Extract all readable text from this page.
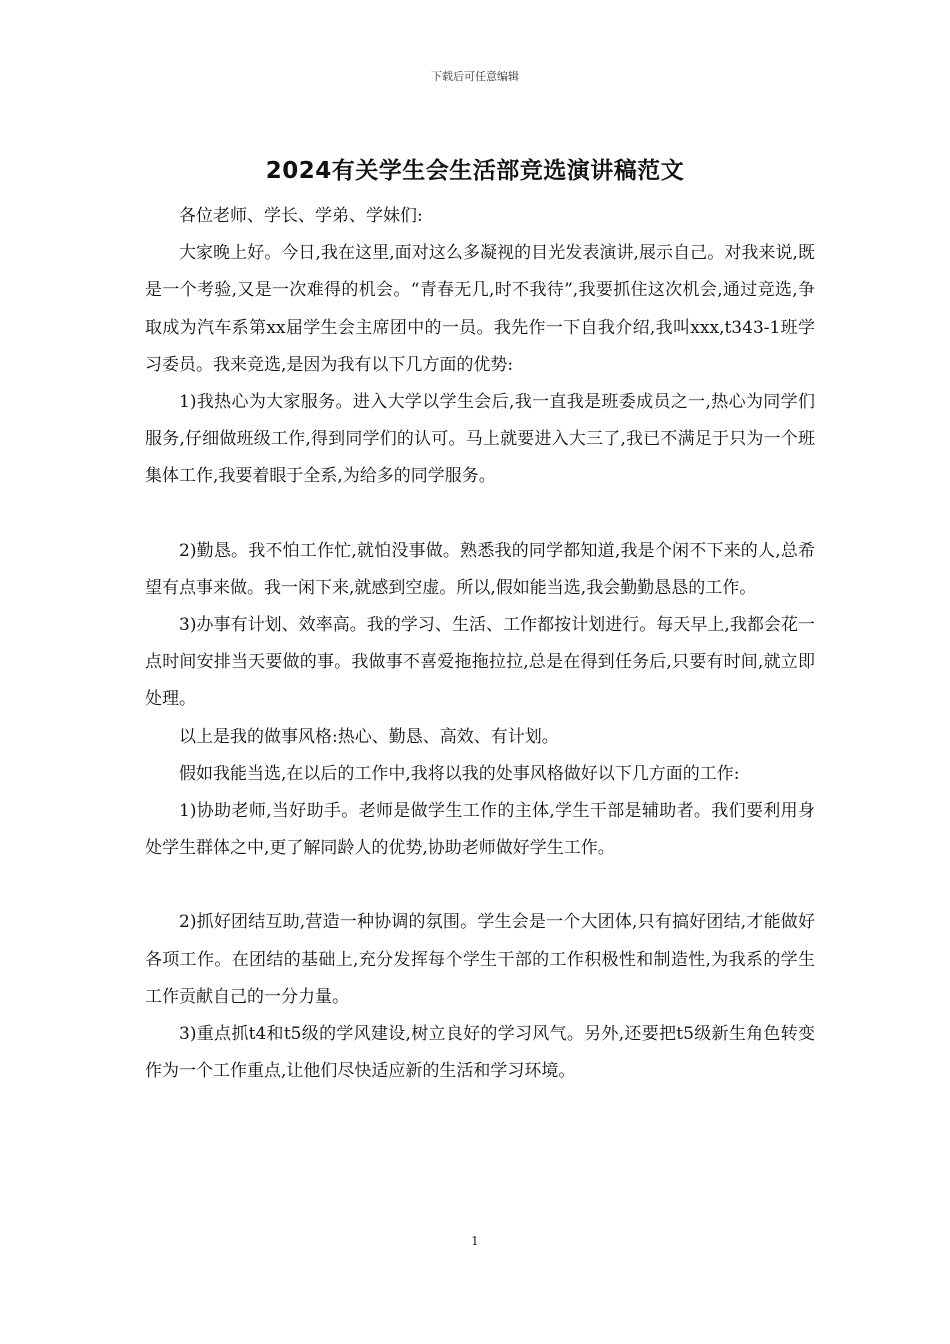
下载后可任意编辑
2024有关学生会生活部竞选演讲稿范文

各位老师、学长、学弟、学妹们:

大家晚上好。今日,我在这里,面对这么多凝视的目光发表演讲,展示自己。对我来说,既是一个考验,又是一次难得的机会。“青春无几,时不我待”,我要抓住这次机会,通过竞选,争取成为汽车系第xx届学生会主席团中的一员。我先作一下自我介绍,我叫xxx,t343-1班学习委员。我来竞选,是因为我有以下几方面的优势:

1)我热心为大家服务。进入大学以学生会后,我一直我是班委成员之一,热心为同学们服务,仔细做班级工作,得到同学们的认可。马上就要进入大三了,我已不满足于只为一个班集体工作,我要着眼于全系,为给多的同学服务。

2)勤恳。我不怕工作忙,就怕没事做。熟悉我的同学都知道,我是个闲不下来的人,总希望有点事来做。我一闲下来,就感到空虚。所以,假如能当选,我会勤勤恳恳的工作。

3)办事有计划、效率高。我的学习、生活、工作都按计划进行。每天早上,我都会花一点时间安排当天要做的事。我做事不喜爱拖拖拉拉,总是在得到任务后,只要有时间,就立即处理。

以上是我的做事风格:热心、勤恳、高效、有计划。

假如我能当选,在以后的工作中,我将以我的处事风格做好以下几方面的工作:

1)协助老师,当好助手。老师是做学生工作的主体,学生干部是辅助者。我们要利用身处学生群体之中,更了解同龄人的优势,协助老师做好学生工作。

2)抓好团结互助,营造一种协调的氛围。学生会是一个大团体,只有搞好团结,才能做好各项工作。在团结的基础上,充分发挥每个学生干部的工作积极性和制造性,为我系的学生工作贡献自己的一分力量。

3)重点抓t4和t5级的学风建设,树立良好的学习风气。另外,还要把t5级新生角色转变作为一个工作重点,让他们尽快适应新的生活和学习环境。

1
